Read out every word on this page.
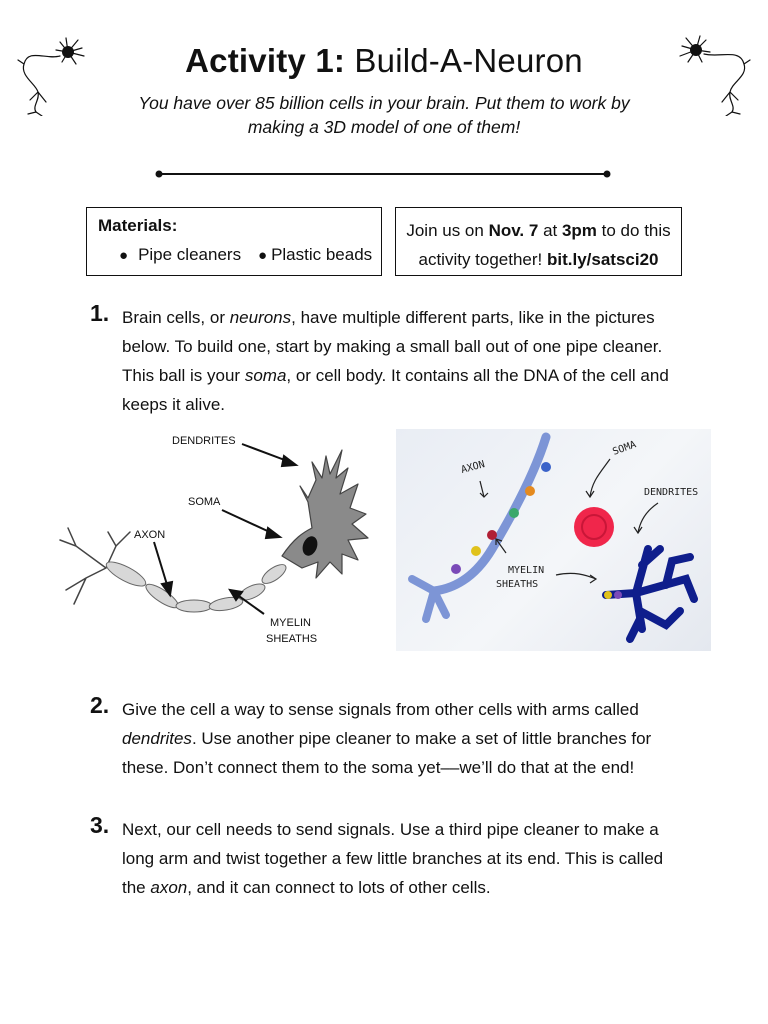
Activity 1: Build-A-Neuron
You have over 85 billion cells in your brain. Put them to work by making a 3D model of one of them!
Materials:
● Pipe cleaners ● Plastic beads
Join us on Nov. 7 at 3pm to do this activity together! bit.ly/satsci20
1. Brain cells, or neurons, have multiple different parts, like in the pictures below. To build one, start by making a small ball out of one pipe cleaner. This ball is your soma, or cell body. It contains all the DNA of the cell and keeps it alive.
DENDRITES
SOMA
AXON
MYELIN
SHEATHS
AXON
SOMA
DENDRITES
MYELIN
SHEATHS
2. Give the cell a way to sense signals from other cells with arms called dendrites. Use another pipe cleaner to make a set of little branches for these. Don’t connect them to the soma yet––we’ll do that at the end!
3. Next, our cell needs to send signals. Use a third pipe cleaner to make a long arm and twist together a few little branches at its end. This is called the axon, and it can connect to lots of other cells.
